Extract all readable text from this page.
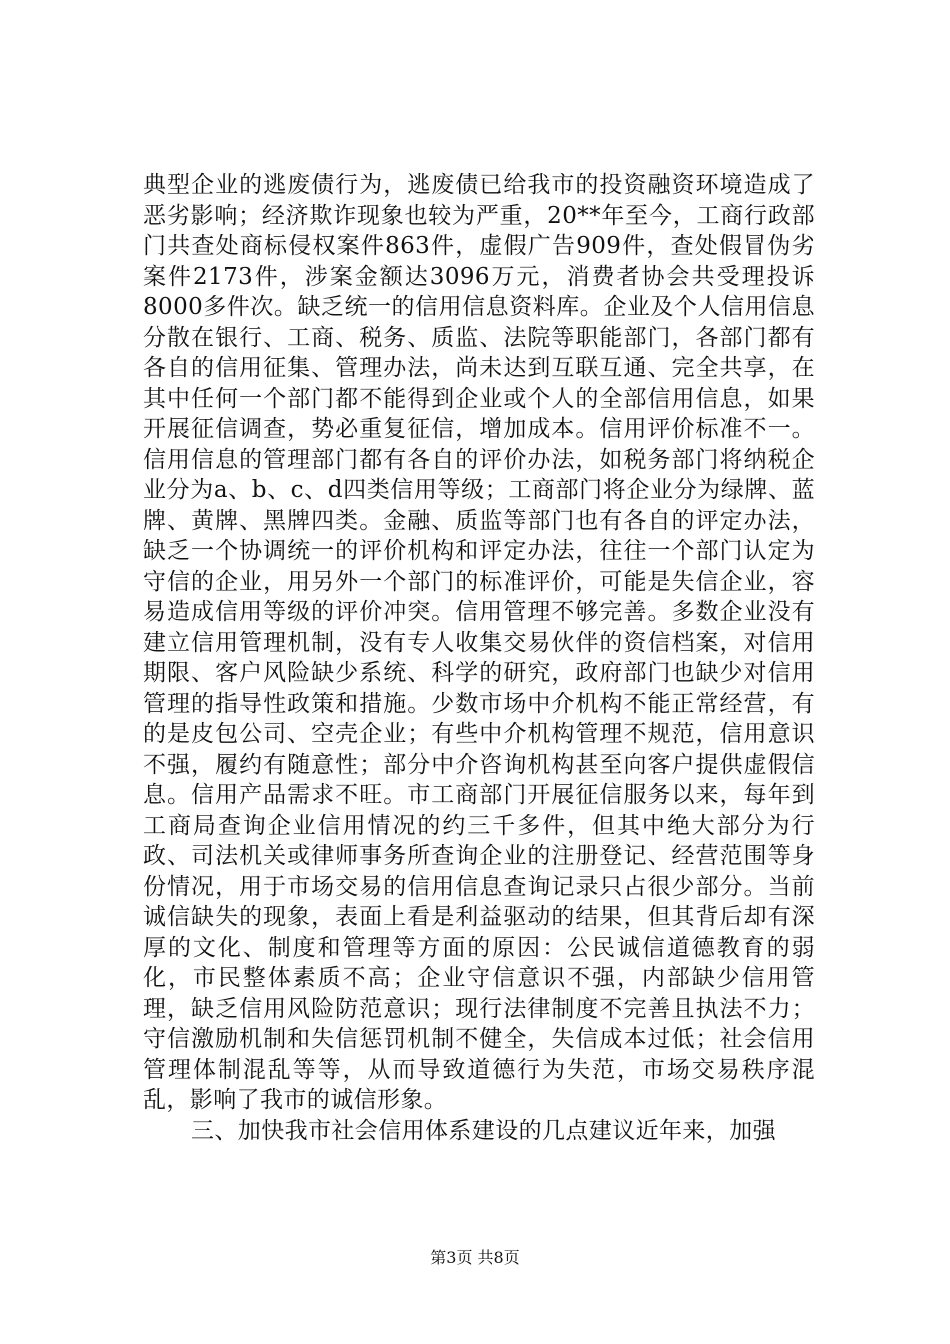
典型企业的逃废债行为，逃废债已给我市的投资融资环境造成了恶劣影响；经济欺诈现象也较为严重，20**年至今，工商行政部门共查处商标侵权案件863件，虚假广告909件，查处假冒伪劣案件2173件，涉案金额达3096万元，消费者协会共受理投诉8000多件次。缺乏统一的信用信息资料库。企业及个人信用信息分散在银行、工商、税务、质监、法院等职能部门，各部门都有各自的信用征集、管理办法，尚未达到互联互通、完全共享，在其中任何一个部门都不能得到企业或个人的全部信用信息，如果开展征信调查，势必重复征信，增加成本。信用评价标准不一。信用信息的管理部门都有各自的评价办法，如税务部门将纳税企业分为a、b、c、d四类信用等级；工商部门将企业分为绿牌、蓝牌、黄牌、黑牌四类。金融、质监等部门也有各自的评定办法，缺乏一个协调统一的评价机构和评定办法，往往一个部门认定为守信的企业，用另外一个部门的标准评价，可能是失信企业，容易造成信用等级的评价冲突。信用管理不够完善。多数企业没有建立信用管理机制，没有专人收集交易伙伴的资信档案，对信用期限、客户风险缺少系统、科学的研究，政府部门也缺少对信用管理的指导性政策和措施。少数市场中介机构不能正常经营，有的是皮包公司、空壳企业；有些中介机构管理不规范，信用意识不强，履约有随意性；部分中介咨询机构甚至向客户提供虚假信息。信用产品需求不旺。市工商部门开展征信服务以来，每年到工商局查询企业信用情况的约三千多件，但其中绝大部分为行政、司法机关或律师事务所查询企业的注册登记、经营范围等身份情况，用于市场交易的信用信息查询记录只占很少部分。当前诚信缺失的现象，表面上看是利益驱动的结果，但其背后却有深厚的文化、制度和管理等方面的原因：公民诚信道德教育的弱化，市民整体素质不高；企业守信意识不强，内部缺少信用管理，缺乏信用风险防范意识；现行法律制度不完善且执法不力；守信激励机制和失信惩罚机制不健全，失信成本过低；社会信用管理体制混乱等等，从而导致道德行为失范，市场交易秩序混乱，影响了我市的诚信形象。

三、加快我市社会信用体系建设的几点建议近年来，加强

第3页 共8页
